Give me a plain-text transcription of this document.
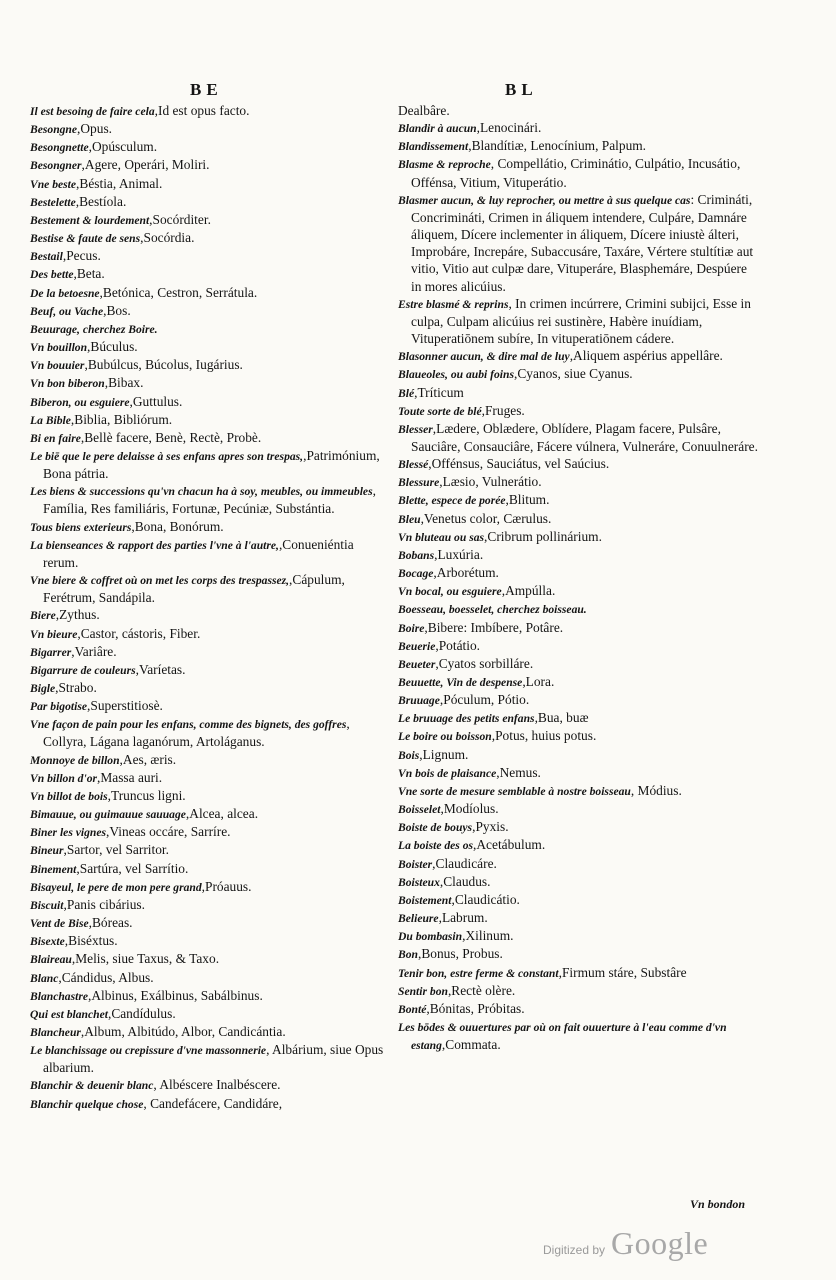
BE	BL

Il est besoing de faire cela,Id est opus facto.

Besongne,Opus.

Besongnette,Opúsculum.

Besongner,Agere, Operári, Moliri.

Vne beste,Béstia, Animal.

Bestelette,Bestíola.

Bestement & lourdement,Socórditer.

Bestise & faute de sens,Socórdia.

Bestail,Pecus.

Des bette,Beta.

De la betoesne,Betónica, Cestron, Serrátula.

Beuf, ou Vache,Bos.

Beuurage, cherchez Boire.

Vn bouillon,Búculus.

Vn bouuier,Bubúlcus, Búcolus, Iugárius.

Vn bon biberon,Bibax.

Biberon, ou esguiere,Guttulus.

La Bible,Biblia, Bibliórum.

Bi en faire,Bellè facere, Benè, Rectè, Probè.

Le biē que le pere delaisse à ses enfans apres son trespas,,Patrimónium, Bona pátria.

Les biens & successions qu'vn chacun ha à soy, meubles, ou immeubles, Família, Res familiáris, Fortunæ, Pecúniæ, Substántia.

Tous biens exterieurs,Bona, Bonórum.

La bienseances & rapport des parties l'vne à l'autre,,Conueniéntia rerum.

Vne biere & coffret où on met les corps des trespassez,,Cápulum, Ferétrum, Sandápila.

Biere,Zythus.

Vn bieure,Castor, cástoris, Fiber.

Bigarrer,Variâre.

Bigarrure de couleurs,Varíetas.

Bigle,Strabo.

Par bigotise,Superstitiosè.

Vne façon de pain pour les enfans, comme des bignets, des goffres, Collyra, Lágana laganórum, Artoláganus.

Monnoye de billon,Aes, æris.

Vn billon d'or,Massa auri.

Vn billot de bois,Truncus ligni.

Bimauue, ou guimauue sauuage,Alcea, alcea.

Biner les vignes,Vineas occáre, Sarríre.

Bineur,Sartor, vel Sarritor.

Binement,Sartúra, vel Sarrítio.

Bisayeul, le pere de mon pere grand,Próauus.

Biscuit,Panis cibárius.

Vent de Bise,Bóreas.

Bisexte,Biséxtus.

Blaireau,Melis, siue Taxus, & Taxo.

Blanc,Cándidus, Albus.

Blanchastre,Albinus, Exálbinus, Sabálbinus.

Qui est blanchet,Candídulus.

Blancheur,Album, Albitúdo, Albor, Candicántia.

Le blanchissage ou crepissure d'vne massonnerie, Albárium, siue Opus albarium.

Blanchir & deuenir blanc, Albéscere Inalbéscere.

Blanchir quelque chose, Candefácere, Candidáre,

Dealbâre.

Blandir à aucun,Lenocinári.

Blandissement,Blandítiæ, Lenocínium, Palpum.

Blasme & reproche, Compellátio, Criminátio, Culpátio, Incusátio, Offénsa, Vitium, Vituperátio.

Blasmer aucun, & luy reprocher, ou mettre à sus quelque cas: Crimináti, Concrimináti, Crimen in áliquem intendere, Culpáre, Damnáre áliquem, Dícere inclementer in áliquem, Dícere iniustè álteri, Improbáre, Increpáre, Subaccusáre, Taxáre, Vértere stultítiæ aut vitio, Vitio aut culpæ dare, Vituperáre, Blasphemáre, Despúere in mores alicúius.

Estre blasmé & reprins, In crimen incúrrere, Crimini subijci, Esse in culpa, Culpam alicúius rei sustinère, Habère inuídiam, Vituperatiōnem subíre, In vituperatiōnem cádere.

Blasonner aucun, & dire mal de luy,Aliquem aspérius appellâre.

Blaueoles, ou aubi foins,Cyanos, siue Cyanus.

Blé,Tríticum

Toute sorte de blé,Fruges.

Blesser,Lædere, Oblædere, Oblídere, Plagam facere, Pulsâre, Sauciâre, Consauciâre, Fácere vúlnera, Vulneráre, Conuulneráre.

Blessé,Offénsus, Sauciátus, vel Saúcius.

Blessure,Læsio, Vulnerátio.

Blette, espece de porée,Blitum.

Bleu,Venetus color, Cærulus.

Vn bluteau ou sas,Cribrum pollinárium.

Bobans,Luxúria.

Bocage,Arborétum.

Vn bocal, ou esguiere,Ampúlla.

Boesseau, boesselet, cherchez boisseau.

Boire,Bibere: Imbíbere, Potâre.

Beuerie,Potátio.

Beueter,Cyatos sorbilláre.

Beuuette, Vin de despense,Lora.

Bruuage,Póculum, Pótio.

Le bruuage des petits enfans,Bua, buæ

Le boire ou boisson,Potus, huius potus.

Bois,Lignum.

Vn bois de plaisance,Nemus.

Vne sorte de mesure semblable à nostre boisseau, Módius.

Boisselet,Modíolus.

Boiste de bouys,Pyxis.

La boiste des os,Acetábulum.

Boister,Claudicáre.

Boisteux,Claudus.

Boistement,Claudicátio.

Belieure,Labrum.

Du bombasin,Xilinum.

Bon,Bonus, Probus.

Tenir bon, estre ferme & constant,Firmum stáre, Substâre

Sentir bon,Rectè olère.

Bonté,Bónitas, Próbitas.

Les bōdes & ouuertures par où on fait ouuerture à l'eau comme d'vn estang,Commata.

Vn bondon
Digitized by Google
